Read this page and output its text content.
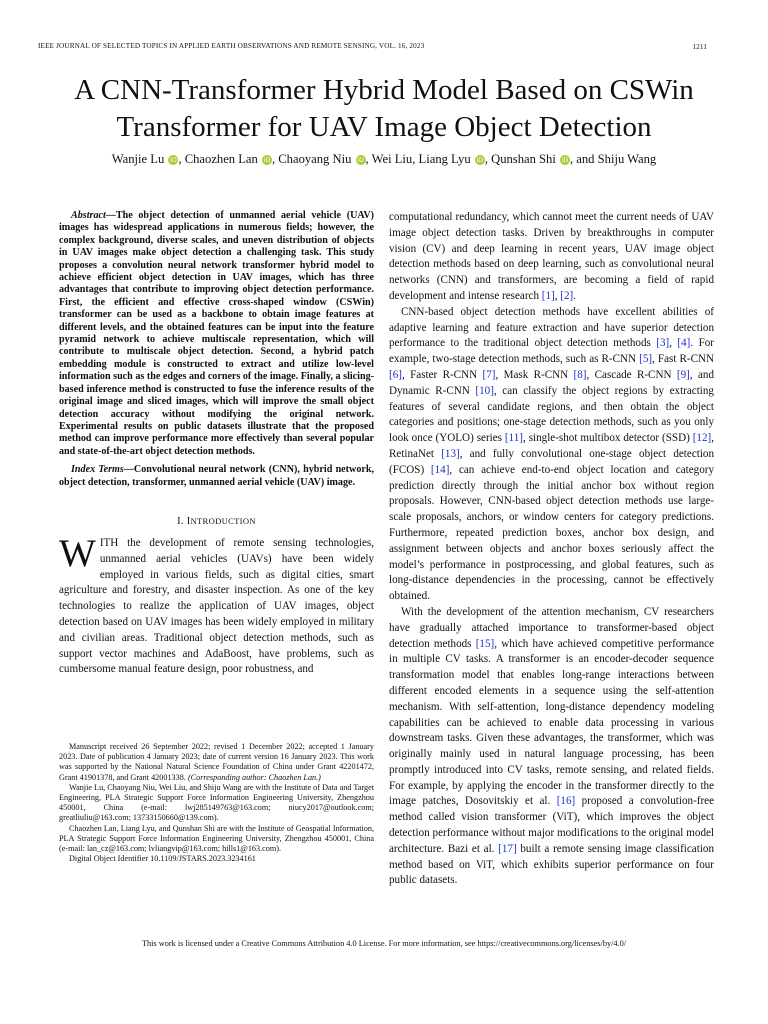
IEEE JOURNAL OF SELECTED TOPICS IN APPLIED EARTH OBSERVATIONS AND REMOTE SENSING, VOL. 16, 2023	1211
A CNN-Transformer Hybrid Model Based on CSWin
Transformer for UAV Image Object Detection
Wanjie Lu iD , Chaozhen Lan iD , Chaoyang Niu iD , Wei Liu, Liang Lyu iD , Qunshan Shi iD , and Shiju Wang

Abstract—The object detection of unmanned aerial vehicle (UAV) images has widespread applications in numerous fields; however, the complex background, diverse scales, and uneven distribution of objects in UAV images make object detection a challenging task. This study proposes a convolution neural network transformer hybrid model to achieve efficient object detection in UAV images, which has three advantages that contribute to improving object detection performance. First, the efficient and effective cross-shaped window (CSWin) transformer can be used as a backbone to obtain image features at different levels, and the obtained features can be input into the feature pyramid network to achieve multiscale representation, which will contribute to multiscale object detection. Second, a hybrid patch embedding module is constructed to extract and utilize low-level information such as the edges and corners of the image. Finally, a slicing-based inference method is constructed to fuse the inference results of the original image and sliced images, which will improve the small object detection accuracy without modifying the original network. Experimental results on public datasets illustrate that the proposed method can improve performance more effectively than several popular and state-of-the-art object detection methods.

Index Terms—Convolutional neural network (CNN), hybrid network, object detection, transformer, unmanned aerial vehicle (UAV) image.

I. INTRODUCTION

WITH the development of remote sensing technologies, unmanned aerial vehicles (UAVs) have been widely employed in various fields, such as digital cities, smart agriculture and forestry, and disaster inspection. As one of the key technologies to realize the application of UAV images, object detection based on UAV images has been widely employed in military and civilian areas. Traditional object detection methods, such as support vector machines and AdaBoost, have problems, such as cumbersome manual feature design, poor robustness, and

computational redundancy, which cannot meet the current needs of UAV image object detection tasks. Driven by breakthroughs in computer vision (CV) and deep learning in recent years, UAV image object detection methods based on deep learning, such as convolutional neural networks (CNN) and transformers, are becoming a field of rapid development and intense research [1], [2].

CNN-based object detection methods have excellent abilities of adaptive learning and feature extraction and have superior detection performance to the traditional object detection methods [3], [4]. For example, two-stage detection methods, such as R-CNN [5], Fast R-CNN [6], Faster R-CNN [7], Mask R-CNN [8], Cascade R-CNN [9], and Dynamic R-CNN [10], can classify the object regions by extracting features of several candidate regions, and then obtain the object categories and positions; one-stage detection methods, such as you only look once (YOLO) series [11], single-shot multibox detector (SSD) [12], RetinaNet [13], and fully convolutional one-stage object detection (FCOS) [14], can achieve end-to-end object location and category prediction directly through the initial anchor box without region proposals. However, CNN-based object detection methods use large-scale proposals, anchors, or window centers for category predictions. Furthermore, repeated prediction boxes, anchor box design, and assignment between objects and anchor boxes seriously affect the model’s performance in postprocessing, and global features, such as long-distance dependencies in the processing, cannot be effectively obtained.

With the development of the attention mechanism, CV researchers have gradually attached importance to transformer-based object detection methods [15], which have achieved competitive performance in multiple CV tasks. A transformer is an encoder-decoder sequence transformation model that enables long-range interactions between different encoded elements in a sequence using the self-attention mechanism. With self-attention, long-distance dependency modeling capabilities can be achieved to enable data processing in various downstream tasks. Given these advantages, the transformer, which was originally mainly used in natural language processing, has been promptly introduced into CV tasks, remote sensing, and related fields. For example, by applying the encoder in the transformer directly to the image patches, Dosovitskiy et al. [16] proposed a convolution-free method called vision transformer (ViT), which improves the object detection performance without major modifications to the original model architecture. Bazi et al. [17] built a remote sensing image classification method based on ViT, which exhibits superior performance on four public datasets.

Manuscript received 26 September 2022; revised 1 December 2022; accepted 1 January 2023. Date of publication 4 January 2023; date of current version 16 January 2023. This work was supported by the National Natural Science Foundation of China under Grant 42201472, Grant 41901378, and Grant 42001338. (Corresponding author: Chaozhen Lan.)

Wanjie Lu, Chaoyang Niu, Wei Liu, and Shiju Wang are with the Institute of Data and Target Engineering, PLA Strategic Support Force Information Engineering University, Zhengzhou 450001, China (e-mail: lwj285149763@163.com; niucy2017@outlook.com; greatliuliu@163.com; 13733150660@139.com).

Chaozhen Lan, Liang Lyu, and Qunshan Shi are with the Institute of Geospatial Information, PLA Strategic Support Force Information Engineering University, Zhengzhou 450001, China (e-mail: lan_cz@163.com; lvliangvip@163.com; hills1@163.com).

Digital Object Identifier 10.1109/JSTARS.2023.3234161

This work is licensed under a Creative Commons Attribution 4.0 License. For more information, see https://creativecommons.org/licenses/by/4.0/
